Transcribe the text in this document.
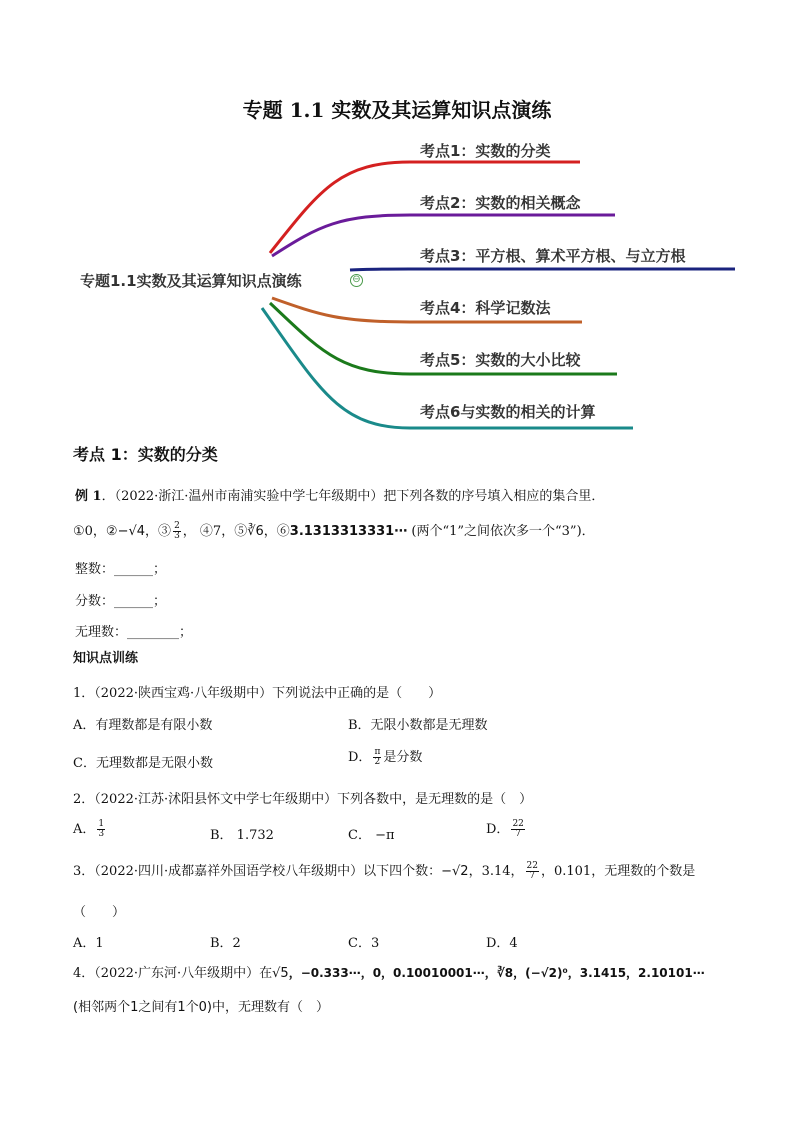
专题 1.1 实数及其运算知识点演练
专题1.1实数及其运算知识点演练	⊖
考点1：实数的分类
考点2：实数的相关概念
考点3：平方根、算术平方根、与立方根
考点4：科学记数法
考点5：实数的大小比较
考点6与实数的相关的计算
考点 1：实数的分类
例 1．（2022·浙江·温州市南浦实验中学七年级期中）把下列各数的序号填入相应的集合里．
①0，②−√4，③ $\frac{2}{3}$ ， ④7，⑤∛6，⑥3.1313313331⋯ (两个“1”之间依次多一个“3”)．
整数：______；
分数：______；
无理数：________；
知识点训练
1．（2022·陕西宝鸡·八年级期中）下列说法中正确的是（　　）
A．有理数都是有限小数	B．无限小数都是无理数
C．无理数都是无限小数	D． $\frac{\pi}{2}$ 是分数
2．（2022·江苏·沭阳县怀文中学七年级期中）下列各数中，是无理数的是（　）
A． $\frac{1}{3}$	B． 1.732	C． −π	D． $\frac{22}{7}$
3．（2022·四川·成都嘉祥外国语学校八年级期中）以下四个数：−√2，3.14， $\frac{22}{7}$ ，0.101，无理数的个数是
（　　）
A．1	B．2	C．3	D．4
4．（2022·广东河·八年级期中）在√5，−0.333⋯，0，0.10010001⋯，∛8，(−√2)⁰，3.1415，2.10101⋯
(相邻两个1之间有1个0)中，无理数有（　）
